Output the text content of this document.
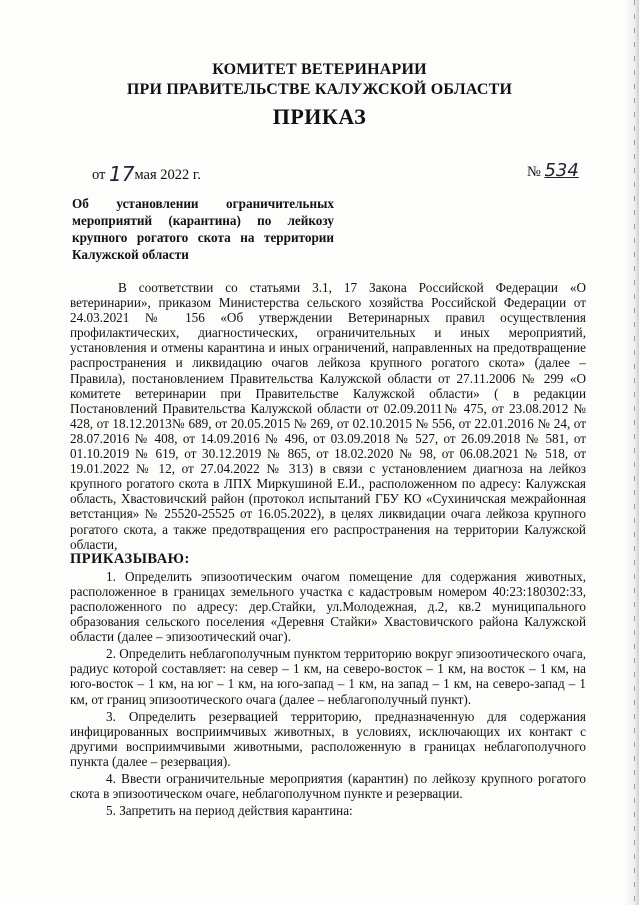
КОМИТЕТ ВЕТЕРИНАРИИ
ПРИ ПРАВИТЕЛЬСТВЕ КАЛУЖСКОЙ ОБЛАСТИ
ПРИКАЗ
от 17мая 2022 г.	№ 534
Об установлении ограничительных мероприятий (карантина) по лейкозу крупного рогатого скота на территории Калужской области

В соответствии со статьями 3.1, 17 Закона Российской Федерации «О ветеринарии», приказом Министерства сельского хозяйства Российской Федерации от 24.03.2021 № 156 «Об утверждении Ветеринарных правил осуществления профилактических, диагностических, ограничительных и иных мероприятий, установления и отмены карантина и иных ограничений, направленных на предотвращение распространения и ликвидацию очагов лейкоза крупного рогатого скота» (далее – Правила), постановлением Правительства Калужской области от 27.11.2006 № 299 «О комитете ветеринарии при Правительстве Калужской области» ( в редакции Постановлений Правительства Калужской области от 02.09.2011№ 475, от 23.08.2012 № 428, от 18.12.2013№ 689, от 20.05.2015 № 269, от 02.10.2015 № 556, от 22.01.2016 № 24, от 28.07.2016 № 408, от 14.09.2016 № 496, от 03.09.2018 № 527, от 26.09.2018 № 581, от 01.10.2019 № 619, от 30.12.2019 № 865, от 18.02.2020 № 98, от 06.08.2021 № 518, от 19.01.2022 № 12, от 27.04.2022 № 313) в связи с установлением диагноза на лейкоз крупного рогатого скота в ЛПХ Миркушиной Е.И., расположенном по адресу: Калужская область, Хвастовичский район (протокол испытаний ГБУ КО «Сухиничская межрайонная ветстанция» № 25520-25525 от 16.05.2022), в целях ликвидации очага лейкоза крупного рогатого скота, а также предотвращения его распространения на территории Калужской области,

ПРИКАЗЫВАЮ:

1. Определить эпизоотическим очагом помещение для содержания животных, расположенное в границах земельного участка с кадастровым номером 40:23:180302:33, расположенного по адресу: дер.Стайки, ул.Молодежная, д.2, кв.2 муниципального образования сельского поселения «Деревня Стайки» Хвастовичского района Калужской области (далее – эпизоотический очаг).

2. Определить неблагополучным пунктом территорию вокруг эпизоотического очага, радиус которой составляет: на север – 1 км, на северо-восток – 1 км, на восток – 1 км, на юго-восток – 1 км, на юг – 1 км, на юго-запад – 1 км, на запад – 1 км, на северо-запад – 1 км, от границ эпизоотического очага (далее – неблагополучный пункт).

3. Определить резервацией территорию, предназначенную для содержания инфицированных восприимчивых животных, в условиях, исключающих их контакт с другими восприимчивыми животными, расположенную в границах неблагополучного пункта (далее – резервация).

4. Ввести ограничительные мероприятия (карантин) по лейкозу крупного рогатого скота в эпизоотическом очаге, неблагополучном пункте и резервации.

5. Запретить на период действия карантина:
